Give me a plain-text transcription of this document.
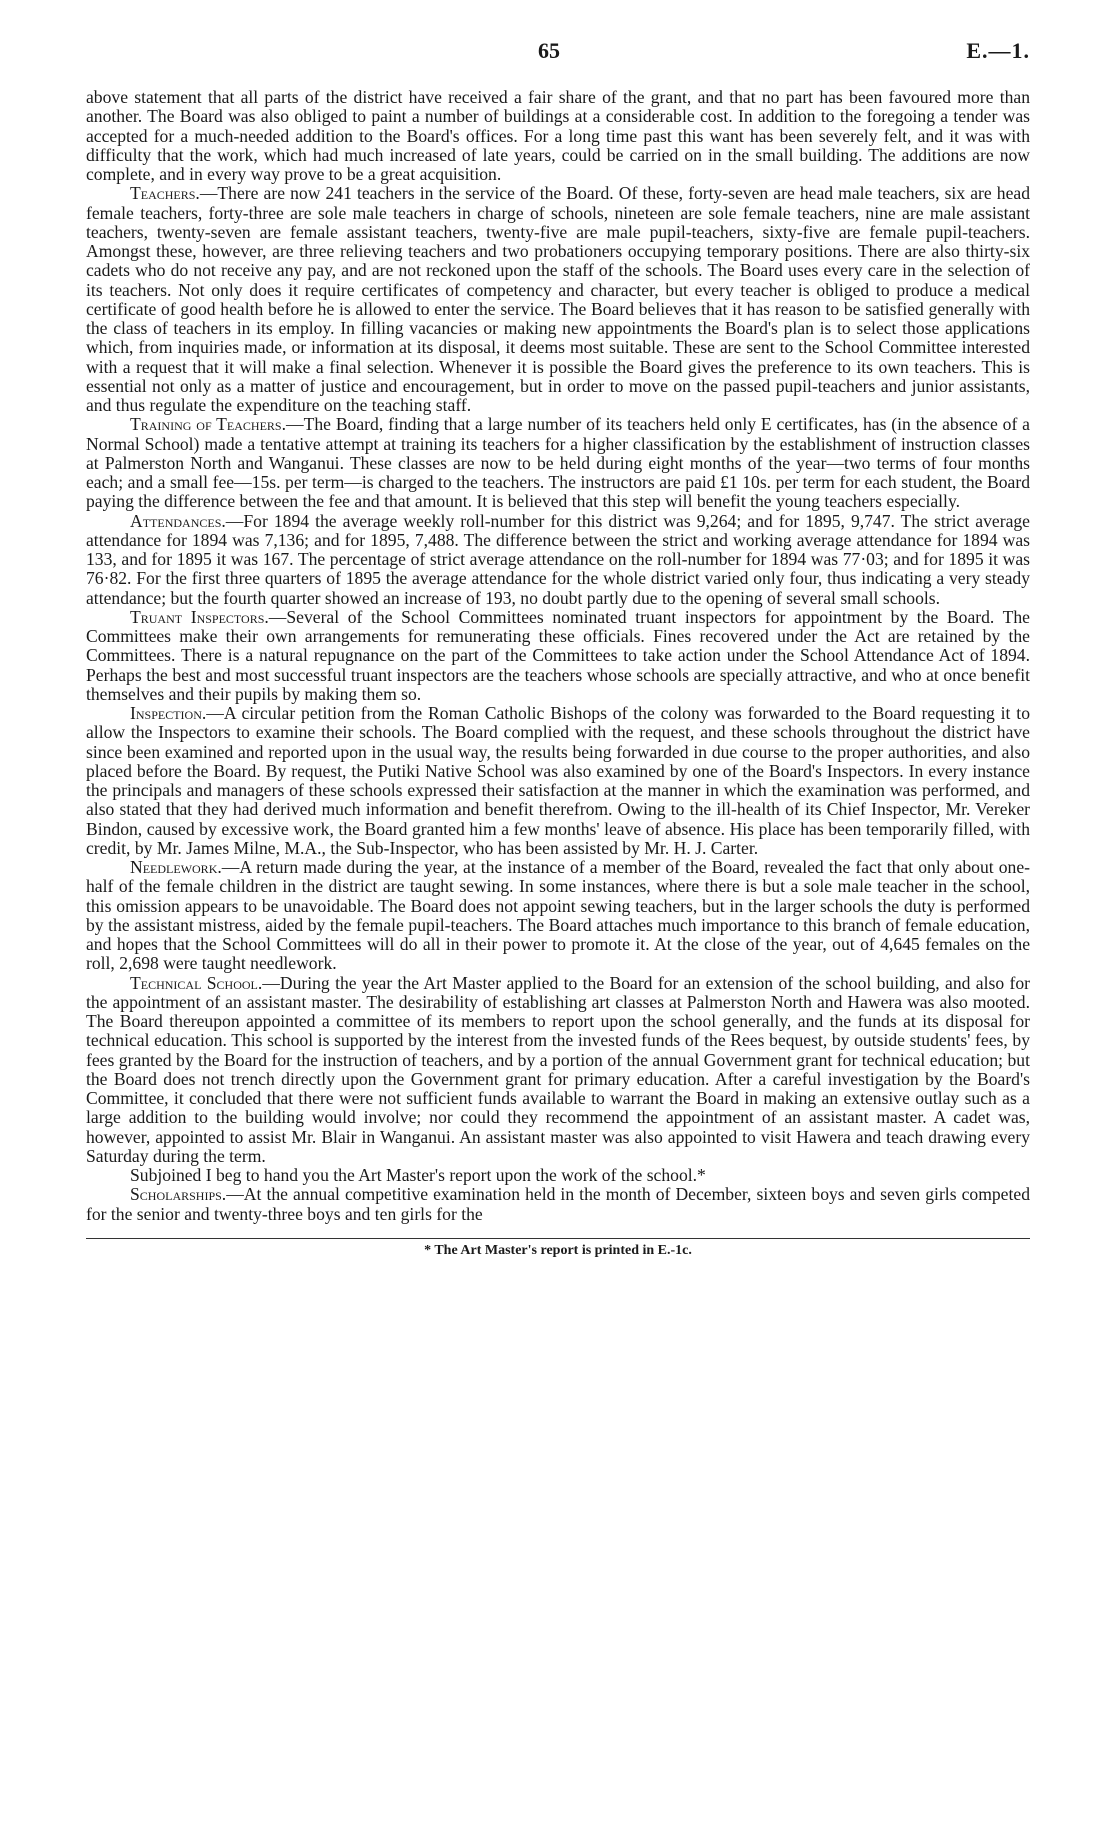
65	E.—1.

above statement that all parts of the district have received a fair share of the grant, and that no part has been favoured more than another. The Board was also obliged to paint a number of buildings at a considerable cost. In addition to the foregoing a tender was accepted for a much-needed addition to the Board's offices. For a long time past this want has been severely felt, and it was with difficulty that the work, which had much increased of late years, could be carried on in the small building. The additions are now complete, and in every way prove to be a great acquisition.

Teachers.—There are now 241 teachers in the service of the Board. Of these, forty-seven are head male teachers, six are head female teachers, forty-three are sole male teachers in charge of schools, nineteen are sole female teachers, nine are male assistant teachers, twenty-seven are female assistant teachers, twenty-five are male pupil-teachers, sixty-five are female pupil-teachers. Amongst these, however, are three relieving teachers and two probationers occupying temporary positions. There are also thirty-six cadets who do not receive any pay, and are not reckoned upon the staff of the schools. The Board uses every care in the selection of its teachers. Not only does it require certificates of competency and character, but every teacher is obliged to produce a medical certificate of good health before he is allowed to enter the service. The Board believes that it has reason to be satisfied generally with the class of teachers in its employ. In filling vacancies or making new appointments the Board's plan is to select those applications which, from inquiries made, or information at its disposal, it deems most suitable. These are sent to the School Committee interested with a request that it will make a final selection. Whenever it is possible the Board gives the preference to its own teachers. This is essential not only as a matter of justice and encouragement, but in order to move on the passed pupil-teachers and junior assistants, and thus regulate the expenditure on the teaching staff.

Training of Teachers.—The Board, finding that a large number of its teachers held only E certificates, has (in the absence of a Normal School) made a tentative attempt at training its teachers for a higher classification by the establishment of instruction classes at Palmerston North and Wanganui. These classes are now to be held during eight months of the year—two terms of four months each; and a small fee—15s. per term—is charged to the teachers. The instructors are paid £1 10s. per term for each student, the Board paying the difference between the fee and that amount. It is believed that this step will benefit the young teachers especially.

Attendances.—For 1894 the average weekly roll-number for this district was 9,264; and for 1895, 9,747. The strict average attendance for 1894 was 7,136; and for 1895, 7,488. The difference between the strict and working average attendance for 1894 was 133, and for 1895 it was 167. The percentage of strict average attendance on the roll-number for 1894 was 77·03; and for 1895 it was 76·82. For the first three quarters of 1895 the average attendance for the whole district varied only four, thus indicating a very steady attendance; but the fourth quarter showed an increase of 193, no doubt partly due to the opening of several small schools.

Truant Inspectors.—Several of the School Committees nominated truant inspectors for appointment by the Board. The Committees make their own arrangements for remunerating these officials. Fines recovered under the Act are retained by the Committees. There is a natural repugnance on the part of the Committees to take action under the School Attendance Act of 1894. Perhaps the best and most successful truant inspectors are the teachers whose schools are specially attractive, and who at once benefit themselves and their pupils by making them so.

Inspection.—A circular petition from the Roman Catholic Bishops of the colony was forwarded to the Board requesting it to allow the Inspectors to examine their schools. The Board complied with the request, and these schools throughout the district have since been examined and reported upon in the usual way, the results being forwarded in due course to the proper authorities, and also placed before the Board. By request, the Putiki Native School was also examined by one of the Board's Inspectors. In every instance the principals and managers of these schools expressed their satisfaction at the manner in which the examination was performed, and also stated that they had derived much information and benefit therefrom. Owing to the ill-health of its Chief Inspector, Mr. Vereker Bindon, caused by excessive work, the Board granted him a few months' leave of absence. His place has been temporarily filled, with credit, by Mr. James Milne, M.A., the Sub-Inspector, who has been assisted by Mr. H. J. Carter.

Needlework.—A return made during the year, at the instance of a member of the Board, revealed the fact that only about one-half of the female children in the district are taught sewing. In some instances, where there is but a sole male teacher in the school, this omission appears to be unavoidable. The Board does not appoint sewing teachers, but in the larger schools the duty is performed by the assistant mistress, aided by the female pupil-teachers. The Board attaches much importance to this branch of female education, and hopes that the School Committees will do all in their power to promote it. At the close of the year, out of 4,645 females on the roll, 2,698 were taught needlework.

Technical School.—During the year the Art Master applied to the Board for an extension of the school building, and also for the appointment of an assistant master. The desirability of establishing art classes at Palmerston North and Hawera was also mooted. The Board thereupon appointed a committee of its members to report upon the school generally, and the funds at its disposal for technical education. This school is supported by the interest from the invested funds of the Rees bequest, by outside students' fees, by fees granted by the Board for the instruction of teachers, and by a portion of the annual Government grant for technical education; but the Board does not trench directly upon the Government grant for primary education. After a careful investigation by the Board's Committee, it concluded that there were not sufficient funds available to warrant the Board in making an extensive outlay such as a large addition to the building would involve; nor could they recommend the appointment of an assistant master. A cadet was, however, appointed to assist Mr. Blair in Wanganui. An assistant master was also appointed to visit Hawera and teach drawing every Saturday during the term.

Subjoined I beg to hand you the Art Master's report upon the work of the school.*

Scholarships.—At the annual competitive examination held in the month of December, sixteen boys and seven girls competed for the senior and twenty-three boys and ten girls for the

* The Art Master's report is printed in E.-1c.
